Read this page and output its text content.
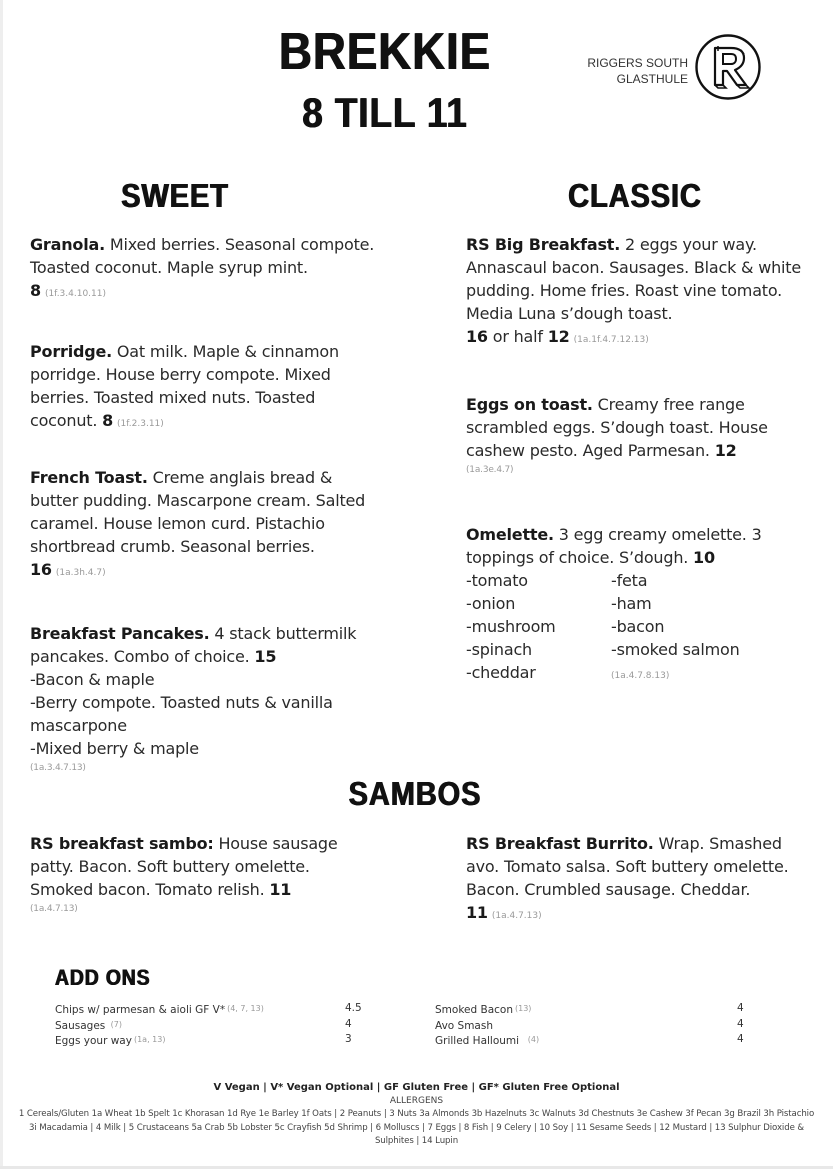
BREKKIE
8 TILL 11
RIGGERS SOUTH
GLASTHULE
SWEET	CLASSIC
SAMBOS
ADD ONS
Granola. Mixed berries. Seasonal compote. Toasted coconut. Maple syrup mint. 8 (1f.3.4.10.11)
Porridge. Oat milk. Maple & cinnamon porridge. House berry compote. Mixed berries. Toasted mixed nuts. Toasted coconut. 8 (1f.2.3.11)
French Toast. Creme anglais bread & butter pudding. Mascarpone cream. Salted caramel. House lemon curd. Pistachio shortbread crumb. Seasonal berries. 16 (1a.3h.4.7)
Breakfast Pancakes. 4 stack buttermilk pancakes. Combo of choice. 15
-Bacon & maple
-Berry compote. Toasted nuts & vanilla mascarpone
-Mixed berry & maple
(1a.3.4.7.13)
RS Big Breakfast. 2 eggs your way. Annascaul bacon. Sausages. Black & white pudding. Home fries. Roast vine tomato. Media Luna s’dough toast.
16 or half 12 (1a.1f.4.7.12.13)
Eggs on toast. Creamy free range scrambled eggs. S’dough toast. House cashew pesto. Aged Parmesan. 12
(1a.3e.4.7)
Omelette. 3 egg creamy omelette. 3 toppings of choice. S’dough. 10
-tomato	-feta
-onion	-ham
-mushroom	-bacon
-spinach	-smoked salmon
-cheddar	(1a.4.7.8.13)
RS breakfast sambo: House sausage patty. Bacon. Soft buttery omelette. Smoked bacon. Tomato relish. 11
(1a.4.7.13)
RS Breakfast Burrito. Wrap. Smashed avo. Tomato salsa. Soft buttery omelette. Bacon. Crumbled sausage. Cheddar. 11 (1a.4.7.13)
Chips w/ parmesan & aioli GF V* (4, 7, 13)	4.5
Sausages (7)	4
Eggs your way (1a, 13)	3
Smoked Bacon (13)	4
Avo Smash	4
Grilled Halloumi (4)	4
V Vegan | V* Vegan Optional | GF Gluten Free | GF* Gluten Free Optional
ALLERGENS
1 Cereals/Gluten 1a Wheat 1b Spelt 1c Khorasan 1d Rye 1e Barley 1f Oats | 2 Peanuts | 3 Nuts 3a Almonds 3b Hazelnuts 3c Walnuts 3d Chestnuts 3e Cashew 3f Pecan 3g Brazil 3h Pistachio 3i Macadamia | 4 Milk | 5 Crustaceans 5a Crab 5b Lobster 5c Crayfish 5d Shrimp | 6 Molluscs | 7 Eggs | 8 Fish | 9 Celery | 10 Soy | 11 Sesame Seeds | 12 Mustard | 13 Sulphur Dioxide & Sulphites | 14 Lupin
